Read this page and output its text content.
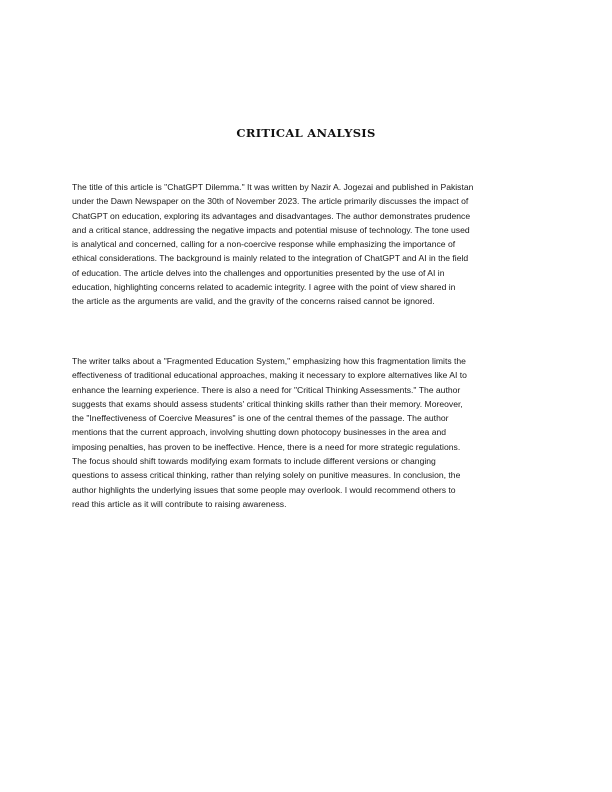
CRITICAL ANALYSIS

The title of this article is "ChatGPT Dilemma." It was written by Nazir A. Jogezai and published in Pakistan
under the Dawn Newspaper on the 30th of November 2023. The article primarily discusses the impact of
ChatGPT on education, exploring its advantages and disadvantages. The author demonstrates prudence
and a critical stance, addressing the negative impacts and potential misuse of technology. The tone used
is analytical and concerned, calling for a non-coercive response while emphasizing the importance of
ethical considerations. The background is mainly related to the integration of ChatGPT and AI in the field
of education. The article delves into the challenges and opportunities presented by the use of AI in
education, highlighting concerns related to academic integrity. I agree with the point of view shared in
the article as the arguments are valid, and the gravity of the concerns raised cannot be ignored.

The writer talks about a "Fragmented Education System," emphasizing how this fragmentation limits the
effectiveness of traditional educational approaches, making it necessary to explore alternatives like AI to
enhance the learning experience. There is also a need for "Critical Thinking Assessments." The author
suggests that exams should assess students' critical thinking skills rather than their memory. Moreover,
the "Ineffectiveness of Coercive Measures" is one of the central themes of the passage. The author
mentions that the current approach, involving shutting down photocopy businesses in the area and
imposing penalties, has proven to be ineffective. Hence, there is a need for more strategic regulations.
The focus should shift towards modifying exam formats to include different versions or changing
questions to assess critical thinking, rather than relying solely on punitive measures. In conclusion, the
author highlights the underlying issues that some people may overlook. I would recommend others to
read this article as it will contribute to raising awareness.
